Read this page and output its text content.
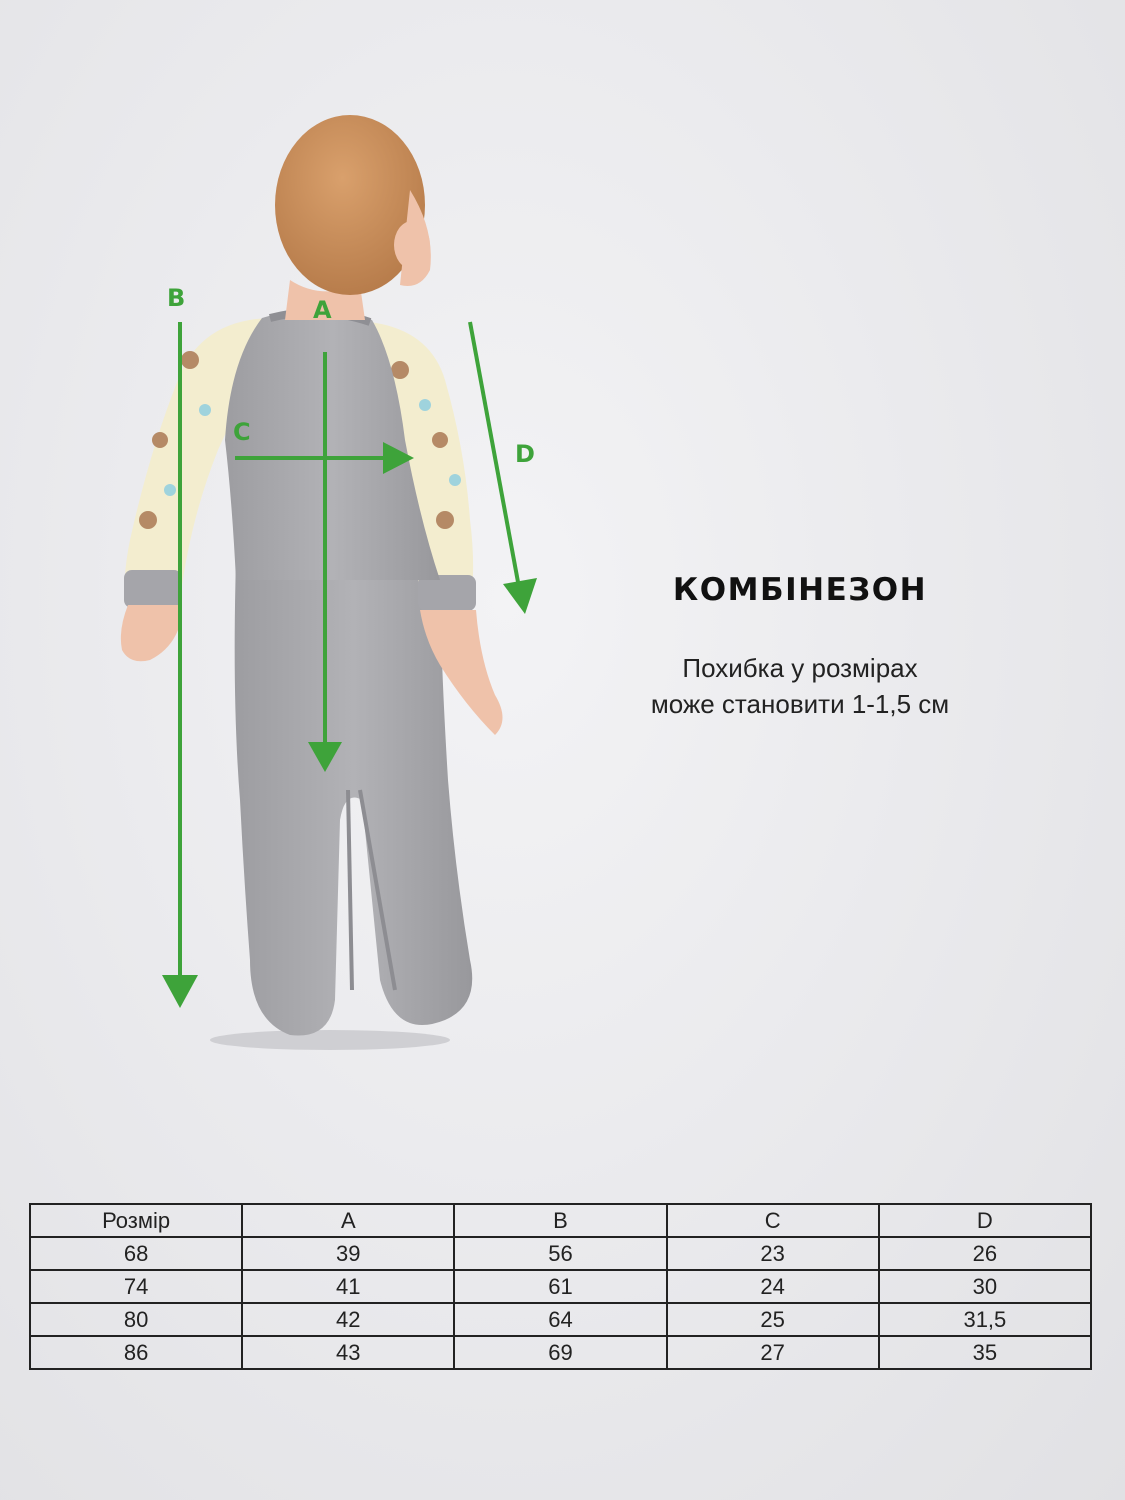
A
B
C
D
КОМБІНЕЗОН
Похибка у розмірах
може становити 1-1,5 см
Розмір	A	B	C	D
68	39	56	23	26
74	41	61	24	30
80	42	64	25	31,5
86	43	69	27	35
